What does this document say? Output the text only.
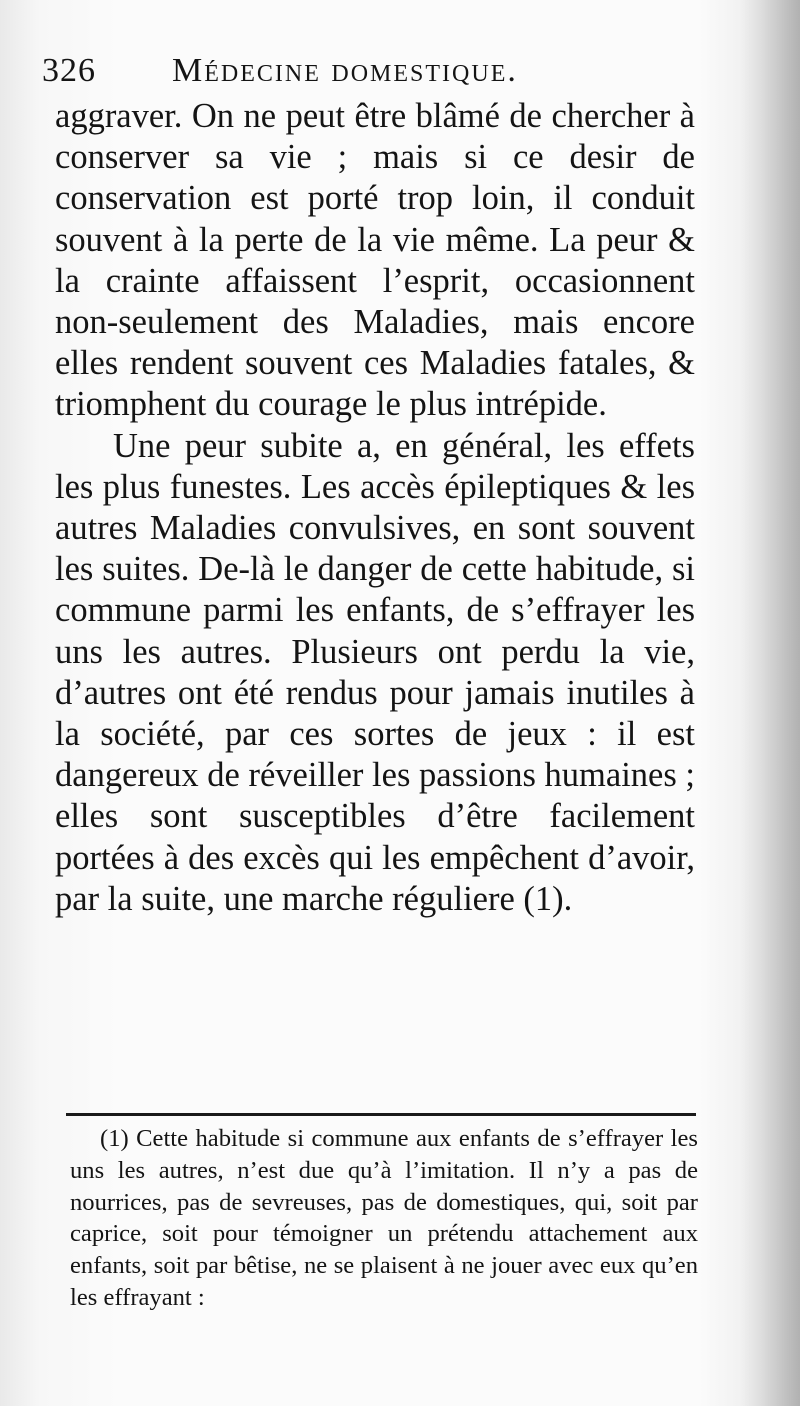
326 Médecine domestique.

aggraver. On ne peut être blâmé de chercher à conserver sa vie ; mais si ce desir de conservation est porté trop loin, il conduit souvent à la perte de la vie même. La peur & la crainte affaissent l’esprit, occasionnent non-seulement des Maladies, mais encore elles rendent souvent ces Maladies fatales, & triomphent du courage le plus intrépide.

Une peur subite a, en général, les effets les plus funestes. Les accès épileptiques & les autres Maladies convulsives, en sont souvent les suites. De-là le danger de cette habitude, si commune parmi les enfants, de s’effrayer les uns les autres. Plusieurs ont perdu la vie, d’autres ont été rendus pour jamais inutiles à la société, par ces sortes de jeux : il est dangereux de réveiller les passions humaines ; elles sont susceptibles d’être facilement portées à des excès qui les empêchent d’avoir, par la suite, une marche réguliere (1).

(1) Cette habitude si commune aux enfants de s’effrayer les uns les autres, n’est due qu’à l’imitation. Il n’y a pas de nourrices, pas de sevreuses, pas de domestiques, qui, soit par caprice, soit pour témoigner un prétendu attachement aux enfants, soit par bêtise, ne se plaisent à ne jouer avec eux qu’en les effrayant :
